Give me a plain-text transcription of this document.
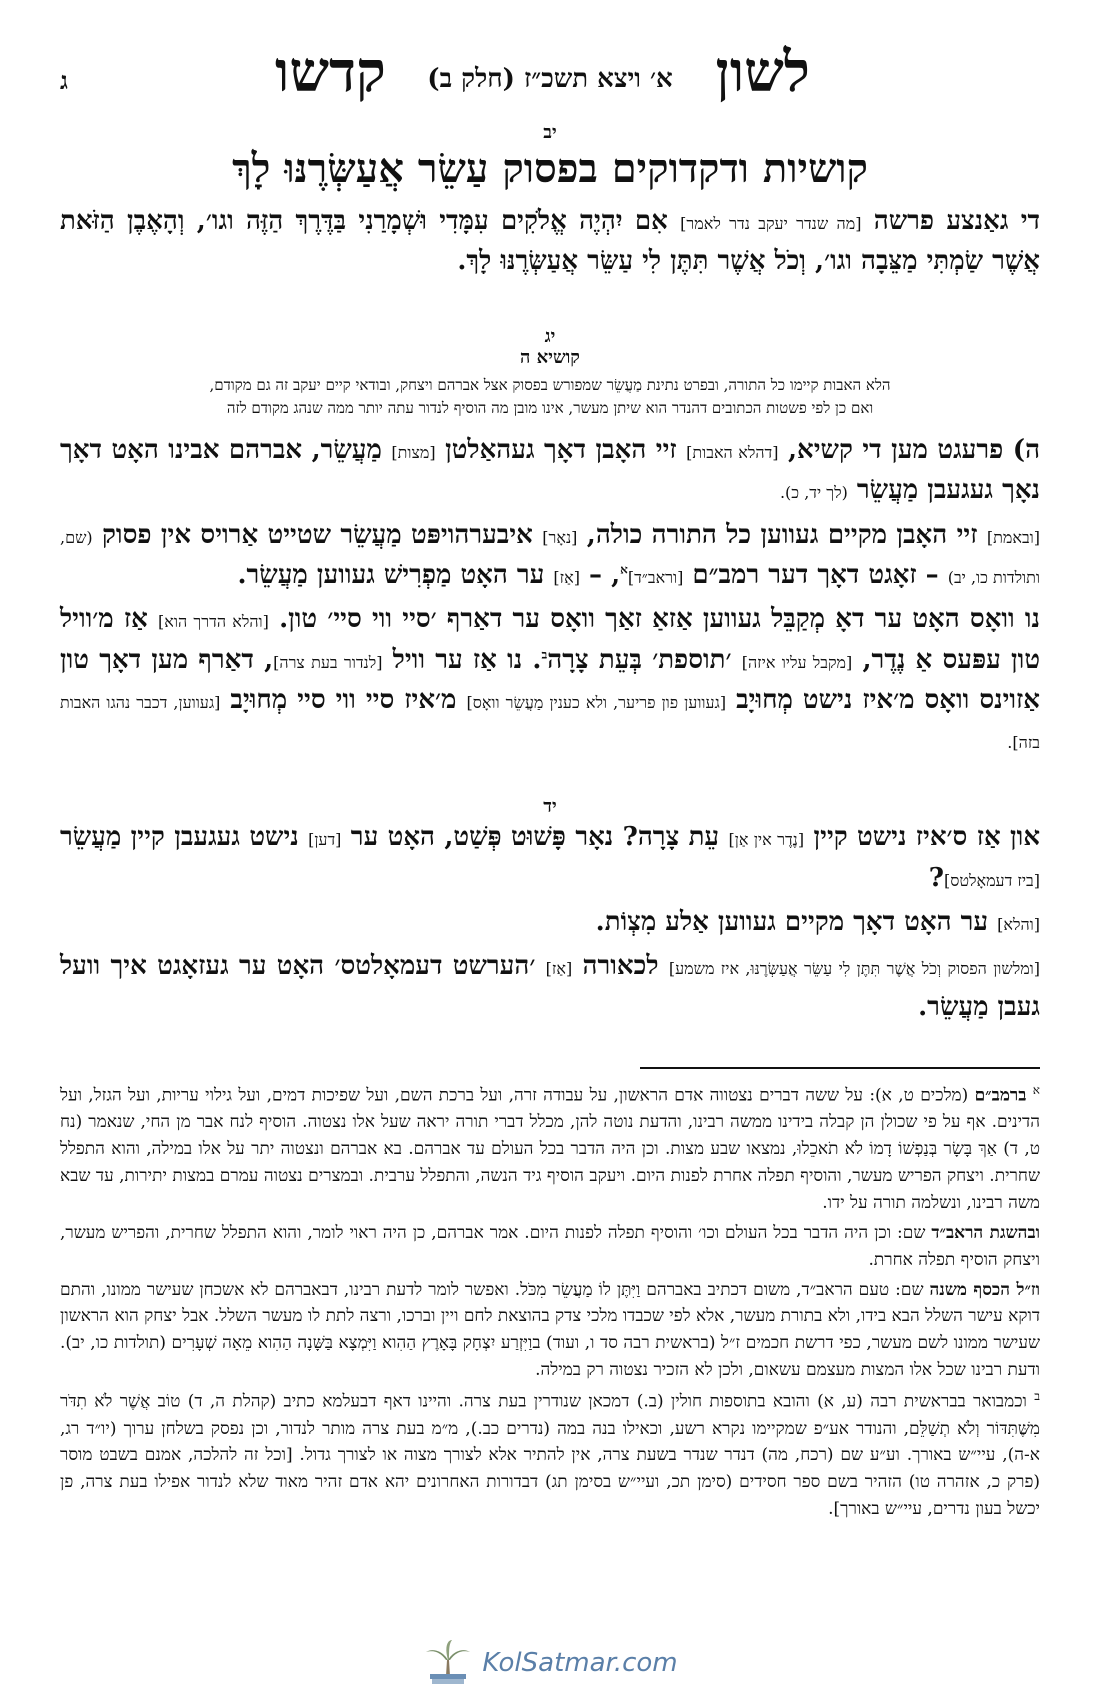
לשון
א׳ ויצא תשכ״ז (חלק ב)
קדשו
ג
יב
קושיות ודקדוקים בפסוק עַשֵׂר אֲעַשְּׂרֶנּוּ לָךְ

די גאַנצע פרשה [מה שנדר יעקב נדר לאמר] אִם יִהְיֶה אֱלֹקִים עִמָּדִי וּשְׁמָרַנִי בַּדֶּרֶךְ הַזֶּה וגו׳, וְהָאֶבֶן הַזֹּאת אֲשֶׁר שַׂמְתִּי מַצֵּבָה וגו׳, וְכֹל אֲשֶׁר תִּתֶּן לִי עַשֵּׂר אֲעַשְּׂרֶנּוּ לָךְ.

יג
קושיא ה
הלא האבות קיימו כל התורה, ובפרט נתינת מַעֲשֵׂר שמפורש בפסוק אצל אברהם ויצחק, ובודאי קיים יעקב זה גם מקודם,
ואם כן לפי פשטות הכתובים דהנדר הוא שיתן מעשר, אינו מובן מה הוסיף לנדור עתה יותר ממה שנהג מקודם לזה

ה) פרעגט מען די קשיא, [דהלא האבות] זיי האָבן דאָך געהאַלטן [מצות] מַעֲשֵׂר, אברהם אבינו האָט דאָך נאָך געגעבן מַעֲשֵׂר (לך יד, כ).

[ובאמת] זיי האָבן מקיים געווען כל התורה כולה, [נאָר] איבערהויפּט מַעֲשֵׂר שטייט אַרויס אין פסוק (שם, ותולדות כו, יב) – זאָגט דאָך דער רמב״ם [וראב״ד]$^א$, – [אַז] ער האָט מַפְרִישׁ געווען מַעֲשֵׂר.

נו וואָס האָט ער דאָ מְקַבֵּל געווען אַזאַ זאַך וואָס ער דאַרף ׳סיי ווי סיי׳ טון. [והלא הדרך הוא] אַז מ׳וויל טון עפּעס אַ נֶדֶר, [מקבל עליו איזה] ׳תוספת׳ בְּעֵת צָרָה$^ב$. נו אַז ער וויל [לנדור בעת צרה], דאַרף מען דאָך טון אַזוינס וואָס מ׳איז נישט מְחוּיָב [געווען פון פריער, ולא כענין מַעֲשֵׂר וואָס] מ׳איז סיי ווי סיי מְחוּיָב [געווען, דכבר נהגו האבות בזה].

יד

און אַז ס׳איז נישט קיין [נֶדֶר אין אַן] עֵת צָרָה? נאָר פָּשׁוּט פְּשַׁט, האָט ער [דען] נישט געגעבן קיין מַעֲשֵׂר [ביז דעמאָלטס]?

[והלא] ער האָט דאָך מקיים געווען אַלע מִצְוֹת.

[ומלשון הפסוק וְכֹל אֲשֶׁר תִּתֶּן לִי עַשֵּׂר אֲעַשְּׂרֶנּוּ, איז משמע] לכאורה [אַז] ׳הערשט דעמאָלטס׳ האָט ער געזאָגט איך וועל געבן מַעֲשֵׂר.

$^א$ ברמב״ם (מלכים ט, א): על ששה דברים נצטווה אדם הראשון, על עבודה זרה, ועל ברכת השם, ועל שפיכות דמים, ועל גילוי עריות, ועל הגזל, ועל הדינים. אף על פי שכולן הן קבלה בידינו ממשה רבינו, והדעת נוטה להן, מכלל דברי תורה יראה שעל אלו נצטוה. הוסיף לנח אבר מן החי, שנאמר (נח ט, ד) אַךְ בָּשָׂר בְּנַפְשׁוֹ דָמוֹ לֹא תֹאכֵלוּ, נמצאו שבע מצות. וכן היה הדבר בכל העולם עד אברהם. בא אברהם ונצטוה יתר על אלו במילה, והוא התפלל שחרית. ויצחק הפריש מעשר, והוסיף תפלה אחרת לפנות היום. ויעקב הוסיף גיד הנשה, והתפלל ערבית. ובמצרים נצטוה עמרם במצות יתירות, עד שבא משה רבינו, ונשלמה תורה על ידו.

ובהשגת הראב״ד שם: וכן היה הדבר בכל העולם וכו׳ והוסיף תפלה לפנות היום. אמר אברהם, כן היה ראוי לומר, והוא התפלל שחרית, והפריש מעשר, ויצחק הוסיף תפלה אחרת.

וז״ל הכסף משנה שם: טעם הראב״ד, משום דכתיב באברהם וַיִּתֶּן לוֹ מַעֲשֵׂר מִכֹּל. ואפשר לומר לדעת רבינו, דבאברהם לא אשכחן שעישר ממונו, והתם דוקא עישר השלל הבא בידו, ולא בתורת מעשר, אלא לפי שכבדו מלכי צדק בהוצאת לחם ויין וברכו, ורצה לתת לו מעשר השלל. אבל יצחק הוא הראשון שעישר ממונו לשם מעשר, כפי דרשת חכמים ז״ל (בראשית רבה סד ו, ועוד) בוַיִּזְרַע יִצְחָק בָּאָרֶץ הַהִוא וַיִּמְצָא בַּשָּׁנָה הַהִוא מֵאָה שְׁעָרִים (תולדות כו, יב). ודעת רבינו שכל אלו המצות מעצמם עשאום, ולכן לא הזכיר נצטוה רק במילה.

$^ב$ וכמבואר בבראשית רבה (ע, א) והובא בתוספות חולין (ב.) דמכאן שנודרין בעת צרה. והיינו דאף דבעלמא כתיב (קהלת ה, ד) טוֹב אֲשֶׁר לֹא תִדֹּר מִשֶּׁתִּדּוֹר וְלֹא תְשַׁלֵּם, והנודר אע״פ שמקיימו נקרא רשע, וכאילו בנה במה (נדרים כב.), מ״מ בעת צרה מותר לנדור, וכן נפסק בשלחן ערוך (יו״ד רג, א-ה), עיי״ש באורך. וע״ע שם (רכח, מה) דנדר שנדר בשעת צרה, אין להתיר אלא לצורך מצוה או לצורך גדול. [וכל זה להלכה, אמנם בשבט מוסר (פרק כ, אזהרה טו) הזהיר בשם ספר חסידים (סימן תכ, ועיי״ש בסימן תג) דבדורות האחרונים יהא אדם זהיר מאוד שלא לנדור אפילו בעת צרה, פן יכשל בעון נדרים, עיי״ש באורך].

KolSatmar.com
